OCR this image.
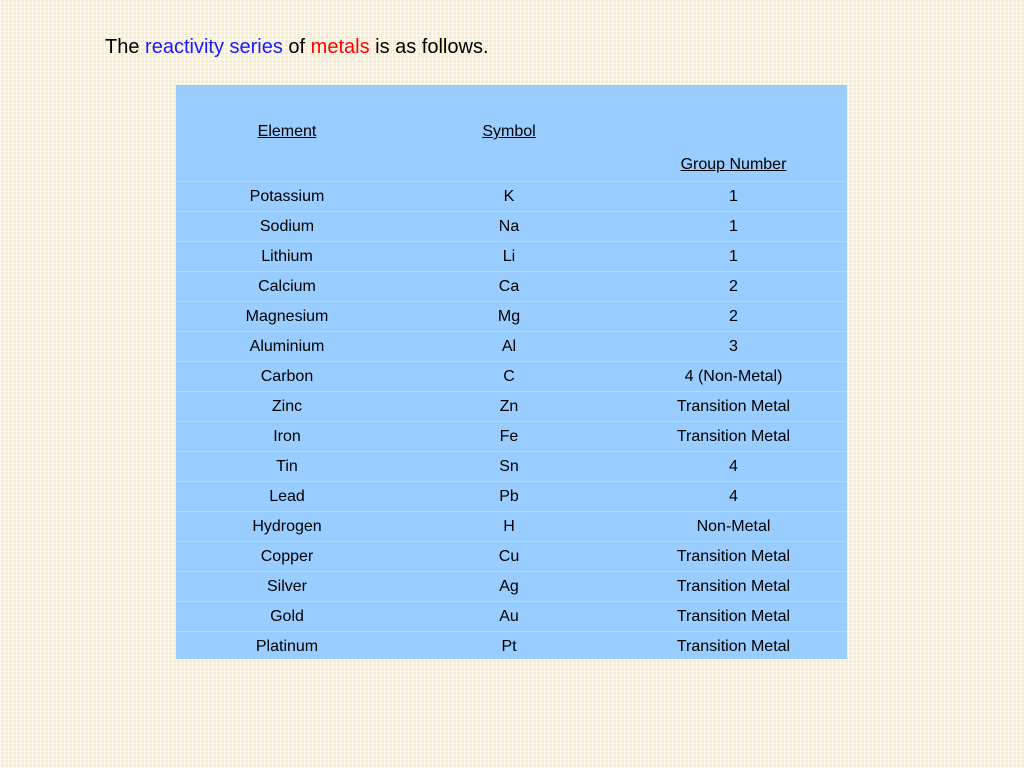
The reactivity series of metals is as follows.
Element	Symbol	Group Number

Potassium	K	1
Sodium	Na	1
Lithium	Li	1
Calcium	Ca	2
Magnesium	Mg	2
Aluminium	Al	3
Carbon	C	4 (Non-Metal)
Zinc	Zn	Transition Metal
Iron	Fe	Transition Metal
Tin	Sn	4
Lead	Pb	4
Hydrogen	H	Non-Metal
Copper	Cu	Transition Metal
Silver	Ag	Transition Metal
Gold	Au	Transition Metal
Platinum	Pt	Transition Metal
